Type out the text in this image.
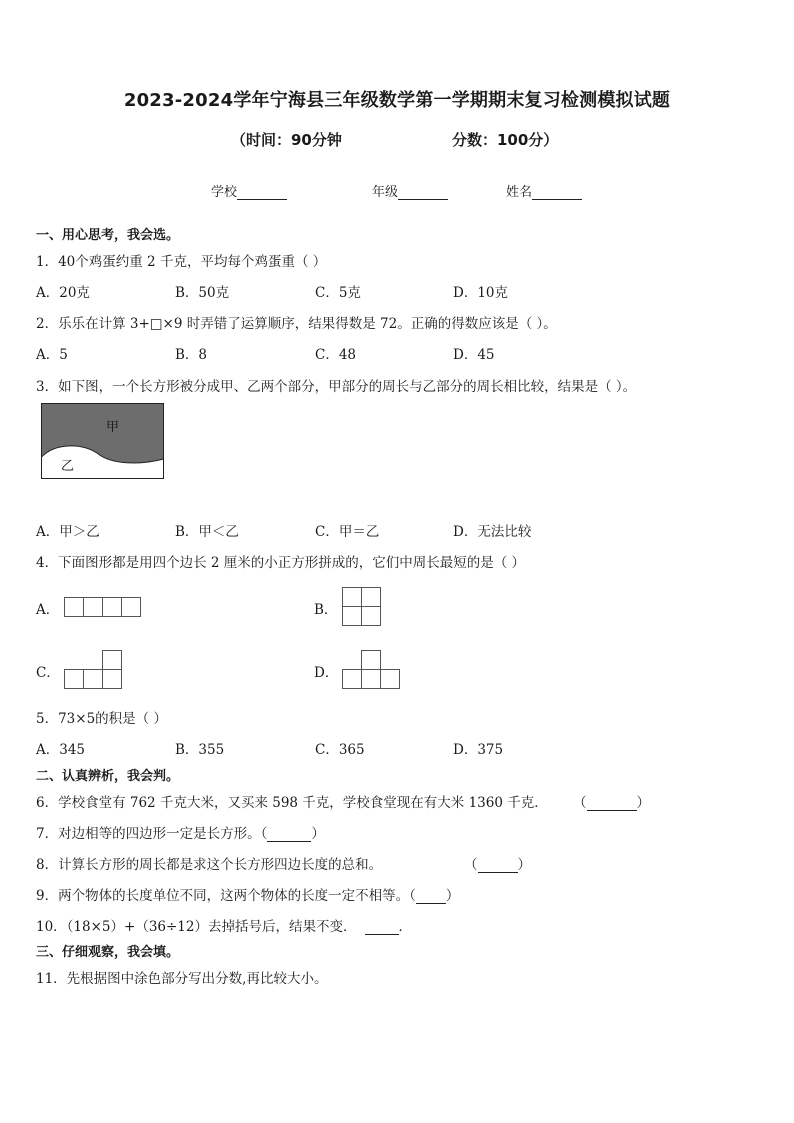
2023-2024学年宁海县三年级数学第一学期期末复习检测模拟试题
（时间：90分钟	分数：100分）
学校	年级	姓名
一、用心思考，我会选。
1．40个鸡蛋约重 2 千克，平均每个鸡蛋重（ ）
A．20克	B．50克	C．5克	D．10克
2．乐乐在计算 3+□×9 时弄错了运算顺序，结果得数是 72。正确的得数应该是（ ）。
A．5	B．8	C．48	D．45
3．如下图，一个长方形被分成甲、乙两个部分，甲部分的周长与乙部分的周长相比较，结果是（ ）。
甲
乙
A．甲＞乙	B．甲＜乙	C．甲＝乙	D．无法比较
4．下面图形都是用四个边长 2 厘米的小正方形拼成的，它们中周长最短的是（ ）
A．	B．
C．	D．
5．73×5的积是（ ）
A．345	B．355	C．365	D．375
二、认真辨析，我会判。
6．学校食堂有 762 千克大米，又买来 598 千克，学校食堂现在有大米 1360 千克． （	）
7．对边相等的四边形一定是长方形。（	）
8．计算长方形的周长都是求这个长方形四边长度的总和。	（	）
9．两个物体的长度单位不同，这两个物体的长度一定不相等。（ ）
10．（18×5）+（36÷12）去掉括号后，结果不变．	．
三、仔细观察，我会填。
11．先根据图中涂色部分写出分数,再比较大小。
